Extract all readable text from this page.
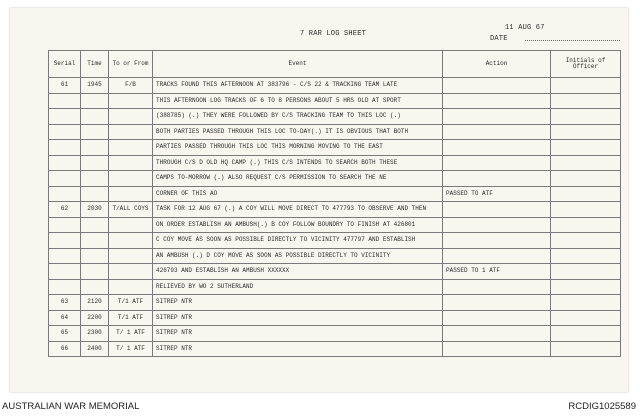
7 RAR LOG SHEET
11 AUG 67
DATE
Serial	Time	To or From	Event	Action	Initials of Officer
61	1945	F/B	TRACKS FOUND THIS AFTERNOON AT 383796 - C/S 22 & TRACKING TEAM LATE		
			THIS AFTERNOON LOG TRACKS OF 6 TO 8 PERSONS ABOUT 5 HRS OLD AT SPORT		
			(388785) (.) THEY WERE FOLLOWED BY C/S TRACKING TEAM TO THIS LOC (.)		
			BOTH PARTIES PASSED THROUGH THIS LOC TO-DAY(.) IT IS OBVIOUS THAT BOTH		
			PARTIES PASSED THROUGH THIS LOC THIS MORNING MOVING TO THE EAST		
			THROUGH C/S D OLD HQ CAMP (.) THIS C/S INTENDS TO SEARCH BOTH THESE		
			CAMPS TO-MORROW (.) ALSO REQUEST C/S PERMISSION TO SEARCH THE NE		
			CORNER OF THIS AO	PASSED TO ATF	
62	2030	T/ALL COYS	TASK FOR 12 AUG 67 (.) A COY WILL MOVE DIRECT TO 477793 TO OBSERVE AND THEN		
			ON ORDER ESTABLISH AN AMBUSH(.) B COY FOLLOW BOUNDRY TO FINISH AT 426801		
			C COY MOVE AS SOON AS POSSIBLE DIRECTLY TO VICINITY 477797 AND ESTABLISH		
			AN AMBUSH (.) D COY MOVE AS SOON AS POSSIBLE DIRECTLY TO VICINITY		
			426793 AND ESTABLISH AN AMBUSH XXXXXX	PASSED TO 1 ATF	
			RELIEVED BY WO 2 SUTHERLAND		
63	2120	T/1 ATF	SITREP NTR		
64	2200	T/1 ATF	SITREP NTR		
65	2300	T/ 1 ATF	SITREP NTR		
66	2400	T/ 1 ATF	SITREP NTR		
AUSTRALIAN WAR MEMORIAL	RCDIG1025589
